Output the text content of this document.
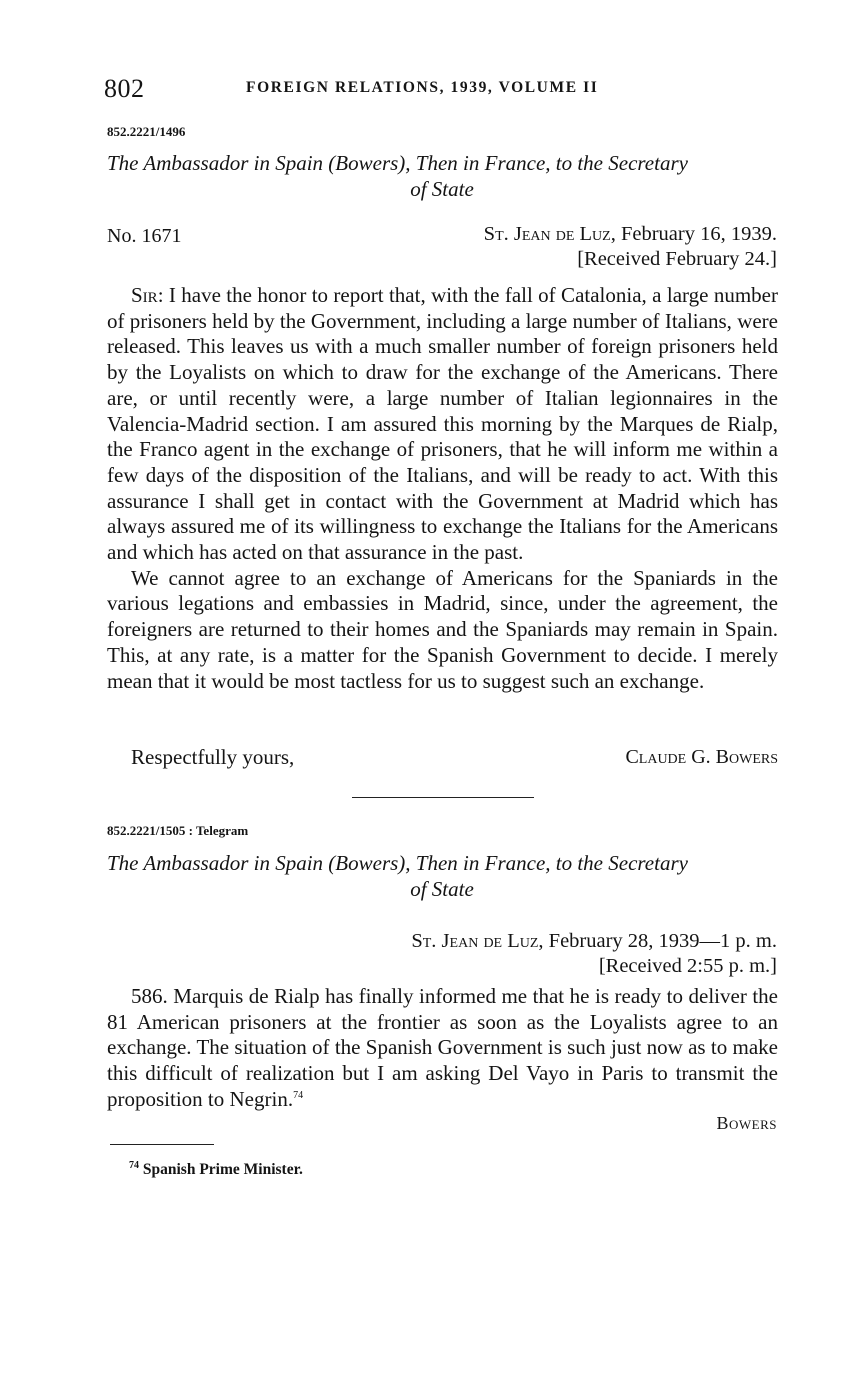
802	FOREIGN RELATIONS, 1939, VOLUME II
852.2221/1496
The Ambassador in Spain (Bowers), Then in France, to the Secretary
of State
No. 1671	St. Jean de Luz, February 16, 1939.
[Received February 24.]

Sir: I have the honor to report that, with the fall of Catalonia, a large number of prisoners held by the Government, including a large number of Italians, were released. This leaves us with a much smaller number of foreign prisoners held by the Loyalists on which to draw for the exchange of the Americans. There are, or until recently were, a large number of Italian legionnaires in the Valencia-Madrid section. I am assured this morning by the Marques de Rialp, the Franco agent in the exchange of prisoners, that he will inform me within a few days of the disposition of the Italians, and will be ready to act. With this assurance I shall get in contact with the Government at Madrid which has always assured me of its willingness to exchange the Italians for the Americans and which has acted on that assurance in the past.

We cannot agree to an exchange of Americans for the Spaniards in the various legations and embassies in Madrid, since, under the agreement, the foreigners are returned to their homes and the Spaniards may remain in Spain. This, at any rate, is a matter for the Spanish Government to decide. I merely mean that it would be most tactless for us to suggest such an exchange.

Respectfully yours,	Claude G. Bowers
852.2221/1505 : Telegram
The Ambassador in Spain (Bowers), Then in France, to the Secretary
of State
St. Jean de Luz, February 28, 1939—1 p. m.
[Received 2:55 p. m.]

586. Marquis de Rialp has finally informed me that he is ready to deliver the 81 American prisoners at the frontier as soon as the Loyalists agree to an exchange. The situation of the Spanish Government is such just now as to make this difficult of realization but I am asking Del Vayo in Paris to transmit the proposition to Negrin.$^{74}$

Bowers
$^{74}$ Spanish Prime Minister.
